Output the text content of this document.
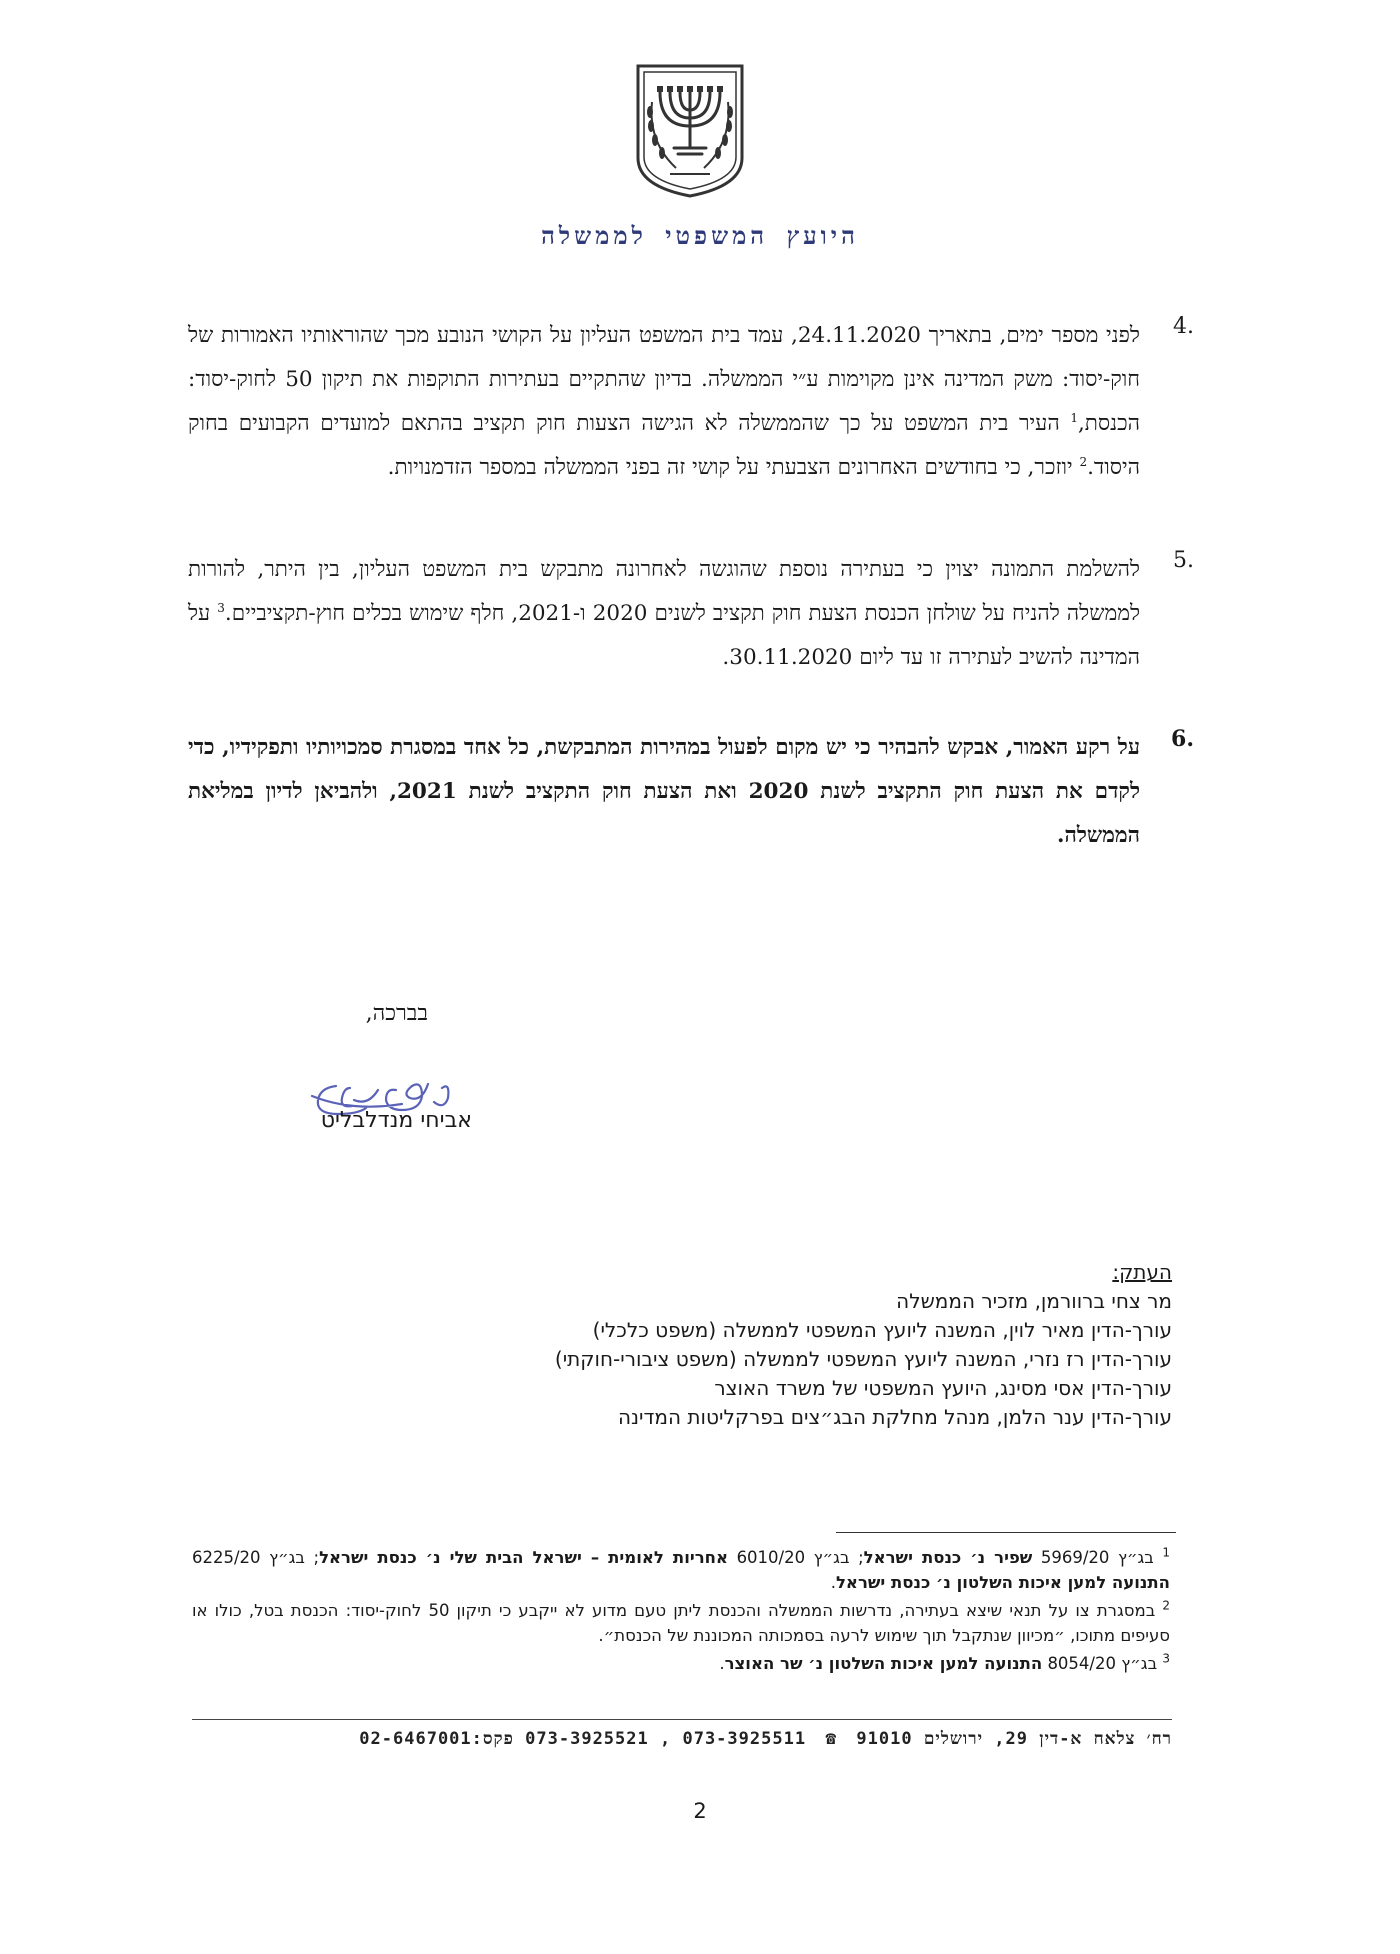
היועץ המשפטי לממשלה
4.
לפני מספר ימים, בתאריך 24.11.2020, עמד בית המשפט העליון על הקושי הנובע מכך שהוראותיו האמורות של חוק-יסוד: משק המדינה אינן מקוימות ע״י הממשלה. בדיון שהתקיים בעתירות התוקפות את תיקון 50 לחוק-יסוד: הכנסת,$^1$ העיר בית המשפט על כך שהממשלה לא הגישה הצעות חוק תקציב בהתאם למועדים הקבועים בחוק היסוד.$^2$ יוזכר, כי בחודשים האחרונים הצבעתי על קושי זה בפני הממשלה במספר הזדמנויות.
5.
להשלמת התמונה יצוין כי בעתירה נוספת שהוגשה לאחרונה מתבקש בית המשפט העליון, בין היתר, להורות לממשלה להניח על שולחן הכנסת הצעת חוק תקציב לשנים 2020 ו-2021, חלף שימוש בכלים חוץ-תקציביים.$^3$ על המדינה להשיב לעתירה זו עד ליום 30.11.2020.
6.
על רקע האמור, אבקש להבהיר כי יש מקום לפעול במהירות המתבקשת, כל אחד במסגרת סמכויותיו ותפקידיו, כדי לקדם את הצעת חוק התקציב לשנת 2020 ואת הצעת חוק התקציב לשנת 2021, ולהביאן לדיון במליאת הממשלה.
בברכה,
אביחי מנדלבליט
העתק:
מר צחי ברוורמן, מזכיר הממשלה
עורך-הדין מאיר לוין, המשנה ליועץ המשפטי לממשלה (משפט כלכלי)
עורך-הדין רז נזרי, המשנה ליועץ המשפטי לממשלה (משפט ציבורי-חוקתי)
עורך-הדין אסי מסינג, היועץ המשפטי של משרד האוצר
עורך-הדין ענר הלמן, מנהל מחלקת הבג״צים בפרקליטות המדינה
$^1$ בג״ץ 5969/20 שפיר נ׳ כנסת ישראל; בג״ץ 6010/20 אחריות לאומית – ישראל הבית שלי נ׳ כנסת ישראל; בג״ץ 6225/20 התנועה למען איכות השלטון נ׳ כנסת ישראל.
$^2$ במסגרת צו על תנאי שיצא בעתירה, נדרשות הממשלה והכנסת ליתן טעם מדוע לא ייקבע כי תיקון 50 לחוק-יסוד: הכנסת בטל, כולו או סעיפים מתוכו, ״מכיוון שנתקבל תוך שימוש לרעה בסמכותה המכוננת של הכנסת״.
$^3$ בג״ץ 8054/20 התנועה למען איכות השלטון נ׳ שר האוצר.
רח׳ צלאח א-דין 29, ירושלים 91010 ☎ 073-3925511 , 073-3925521 פקס:02-6467001
2
